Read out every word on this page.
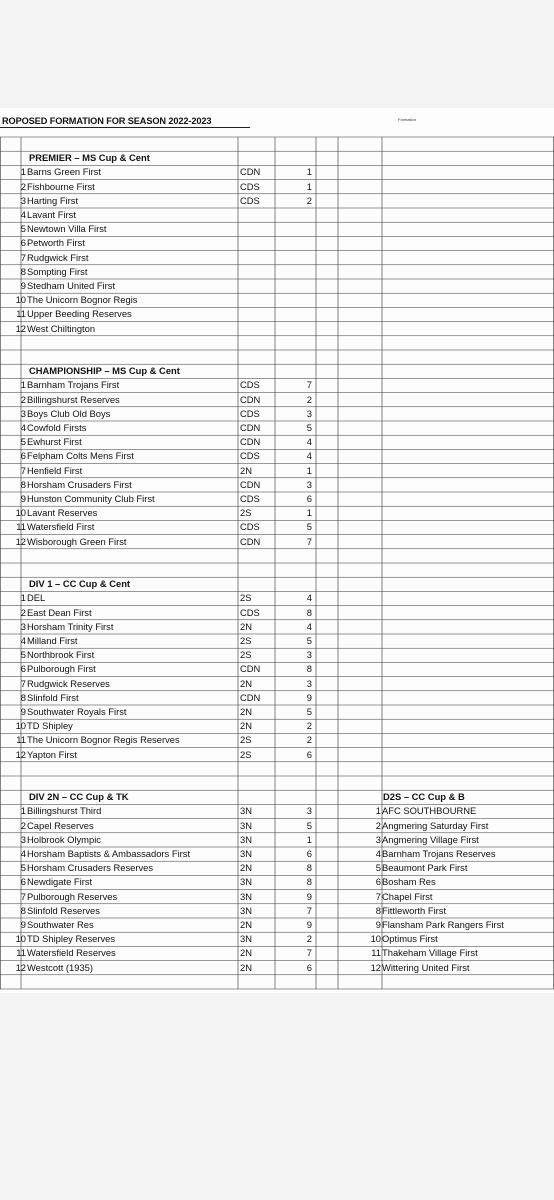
ROPOSED FORMATION FOR SEASON 2022-2023	Formation
PREMIER – MS Cup & Cent
1 Barns Green First	CDN	1
2 Fishbourne First	CDS	1
3 Harting First	CDS	2
4 Lavant First
5 Newtown Villa First
6 Petworth First
7 Rudgwick First
8 Sompting First
9 Stedham United First
10 The Unicorn Bognor Regis
11 Upper Beeding Reserves
12 West Chiltington
CHAMPIONSHIP – MS Cup & Cent
1 Barnham Trojans First	CDS	7
2 Billingshurst Reserves	CDN	2
3 Boys Club Old Boys	CDS	3
4 Cowfold Firsts	CDN	5
5 Ewhurst First	CDN	4
6 Felpham Colts Mens First	CDS	4
7 Henfield First	2N	1
8 Horsham Crusaders First	CDN	3
9 Hunston Community Club First	CDS	6
10 Lavant Reserves	2S	1
11 Watersfield First	CDS	5
12 Wisborough Green First	CDN	7
DIV 1 – CC Cup & Cent
1 DEL	2S	4
2 East Dean First	CDS	8
3 Horsham Trinity First	2N	4
4 Milland First	2S	5
5 Northbrook First	2S	3
6 Pulborough First	CDN	8
7 Rudgwick Reserves	2N	3
8 Slinfold First	CDN	9
9 Southwater Royals First	2N	5
10 TD Shipley	2N	2
11 The Unicorn Bognor Regis Reserves	2S	2
12 Yapton First	2S	6
DIV 2N – CC Cup & TK
1 Billingshurst Third	3N	3
2 Capel Reserves	3N	5
3 Holbrook Olympic	3N	1
4 Horsham Baptists & Ambassadors First	3N	6
5 Horsham Crusaders Reserves	2N	8
6 Newdigate First	3N	8
7 Pulborough Reserves	3N	9
8 Slinfold Reserves	3N	7
9 Southwater Res	2N	9
10 TD Shipley Reserves	3N	2
11 Watersfield Reserves	2N	7
12 Westcott (1935)	2N	6
D2S – CC Cup & B
1 AFC SOUTHBOURNE
2 Angmering Saturday First
3 Angmering Village First
4 Barnham Trojans Reserves
5 Beaumont Park First
6 Bosham Res
7 Chapel First
8 Fittleworth First
9 Flansham Park Rangers First
10 Optimus First
11 Thakeham Village First
12 Wittering United First
